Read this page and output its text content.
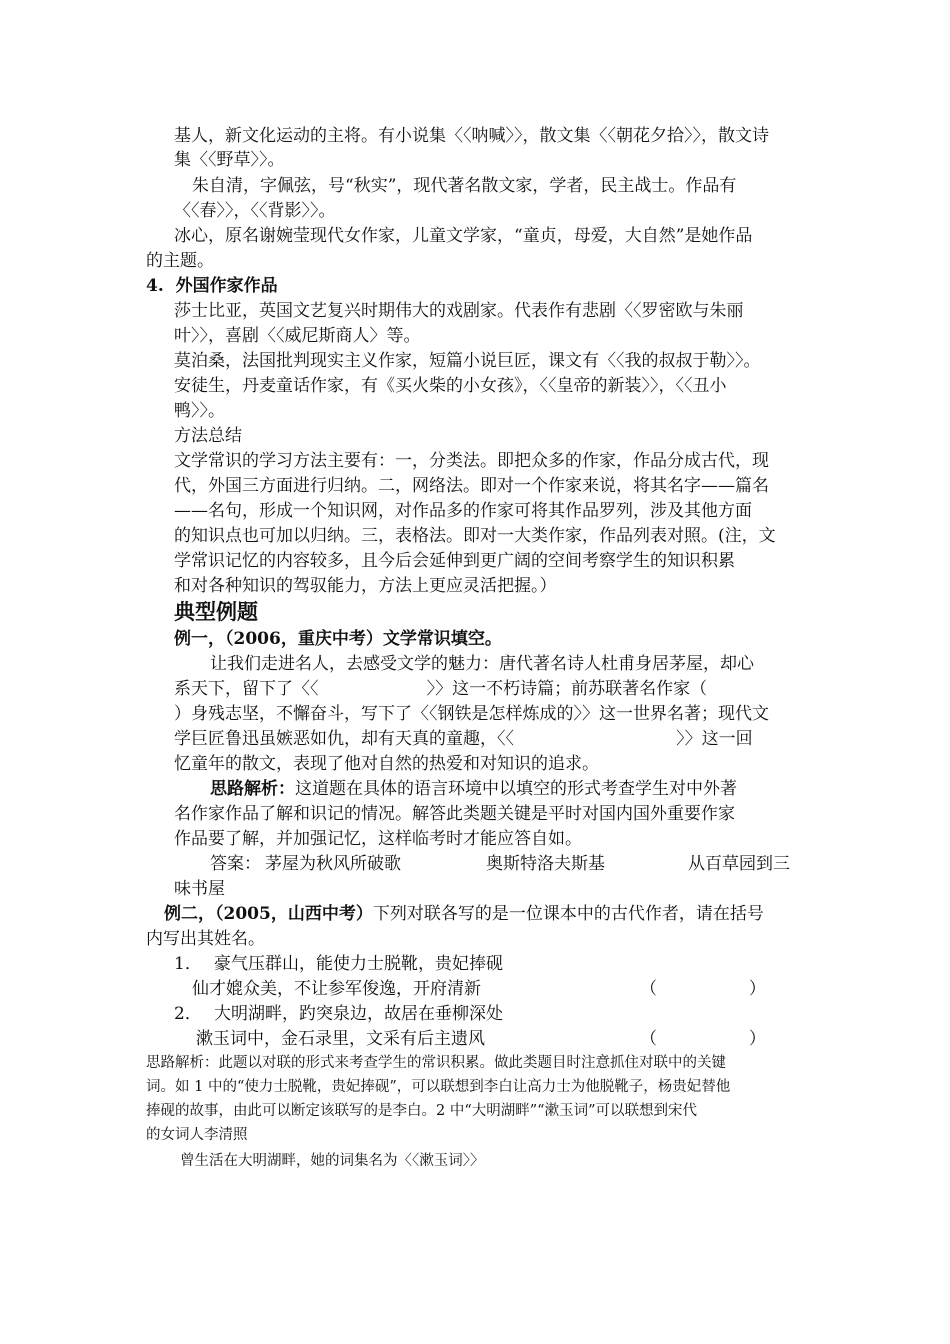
基人，新文化运动的主将。有小说集〈〈呐喊〉〉，散文集〈〈朝花夕拾〉〉，散文诗
集〈〈野草〉〉。
朱自清，字佩弦，号“秋实”，现代著名散文家，学者，民主战士。作品有
〈〈春〉〉，〈〈背影〉〉。
冰心，原名谢婉莹现代女作家，儿童文学家，“童贞，母爱，大自然”是她作品
的主题。
4.  外国作家作品
莎士比亚，英国文艺复兴时期伟大的戏剧家。代表作有悲剧〈〈罗密欧与朱丽
叶〉〉，喜剧〈〈威尼斯商人〉等。
莫泊桑，法国批判现实主义作家，短篇小说巨匠，课文有〈〈我的叔叔于勒〉〉。
安徒生，丹麦童话作家，有《买火柴的小女孩》，〈〈皇帝的新装〉〉，〈〈丑小
鸭〉〉。
方法总结
文学常识的学习方法主要有：一，分类法。即把众多的作家，作品分成古代，现
代，外国三方面进行归纳。二，网络法。即对一个作家来说，将其名字——篇名
——名句，形成一个知识网，对作品多的作家可将其作品罗列，涉及其他方面
的知识点也可加以归纳。三，表格法。即对一大类作家，作品列表对照。(注，文
学常识记忆的内容较多，且今后会延伸到更广阔的空间考察学生的知识积累
和对各种知识的驾驭能力，方法上更应灵活把握。）
典型例题
例一，（2006，重庆中考）文学常识填空。
让我们走进名人，去感受文学的魅力：唐代著名诗人杜甫身居茅屋，却心
系天下，留下了〈〈                    〉〉这一不朽诗篇；前苏联著名作家（
）身残志坚，不懈奋斗，写下了〈〈钢铁是怎样炼成的〉〉这一世界名著；现代文
学巨匠鲁迅虽嫉恶如仇，却有天真的童趣，〈〈                              〉〉这一回
忆童年的散文，表现了他对自然的热爱和对知识的追求。
思路解析：这道题在具体的语言环境中以填空的形式考查学生对中外著
名作家作品了解和识记的情况。解答此类题关键是平时对国内国外重要作家
作品要了解，并加强记忆，这样临考时才能应答自如。
答案： 茅屋为秋风所破歌	奥斯特洛夫斯基	从百草园到三
味书屋
例二，（2005，山西中考）下列对联各写的是一位课本中的古代作者，请在括号
内写出其姓名。
1． 豪气压群山，能使力士脱靴，贵妃捧砚
仙才媲众美，不让参军俊逸，开府清新	（                 ）
2． 大明湖畔，趵突泉边，故居在垂柳深处
漱玉词中，金石录里，文采有后主遗风	（                 ）
思路解析：此题以对联的形式来考查学生的常识积累。做此类题目时注意抓住对联中的关键
词。如 1 中的“使力士脱靴，贵妃捧砚”，可以联想到李白让高力士为他脱靴子，杨贵妃替他
捧砚的故事，由此可以断定该联写的是李白。2 中“大明湖畔”“漱玉词”可以联想到宋代
的女词人李清照
曾生活在大明湖畔，她的词集名为〈〈漱玉词〉〉
